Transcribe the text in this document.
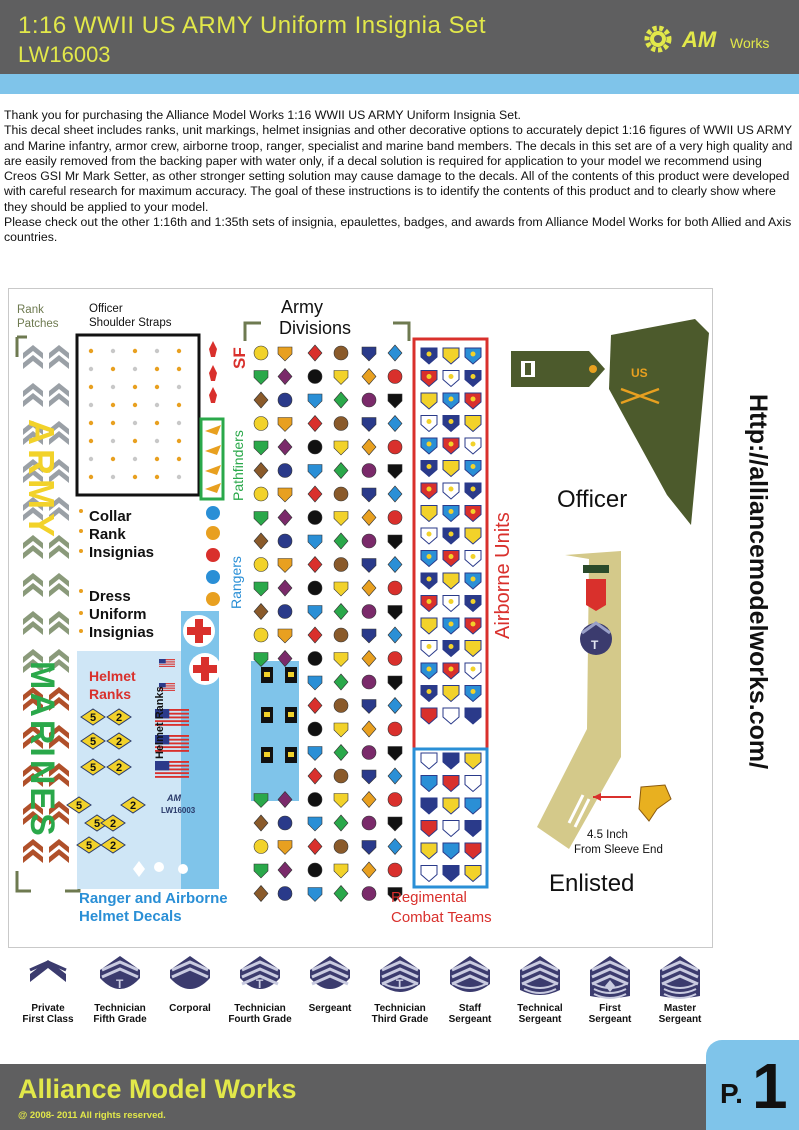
1:16 WWII US ARMY Uniform Insignia Set
LW16003
AM Works

Thank you for purchasing the Alliance Model Works 1:16 WWII US ARMY Uniform Insignia Set.

This decal sheet includes ranks, unit markings, helmet insignias and other decorative options to accurately depict 1:16 figures of WWII US ARMY and Marine infantry, armor crew, airborne troop, ranger, specialist and marine band members. The decals in this set are of a very high quality and are easily removed from the backing paper with water only, if a decal solution is required for application to your model we recommend using Creos GSI Mr Mark Setter, as other stronger setting solution may cause damage to the decals. All of the contents of this product were developed with careful research for maximum accuracy. The goal of these instructions is to identify the contents of this product and to clearly show where they should be applied to your model.

Please check out the other 1:16th and 1:35th sets of insignia, epaulettes, badges, and awards from Alliance Model Works for both Allied and Axis countries.

Rank
Patches
Officer
Shoulder Straps
ARMY
MARINES
Collar
Rank
Insignias
Dress
Uniform
Insignias
Helmet
Ranks
5 2
5 2
5 2
5	2
5 2
5 2
LW16003
AM
Ranger and Airborne
Helmet Decals
Pathfinders
SF
Rangers
Army
Divisions
Helmet Ranks
Airborne Units
Regimental
Combat Teams
US
Officer
T
4.5 Inch
From Sleeve End
Enlisted
Http://alliancemodelworks.com/
Private
First Class
T
Technician
Fifth Grade
Corporal
T
Technician
Fourth Grade
Sergeant
T
Technician
Third Grade
Staff
Sergeant
Technical
Sergeant
First
Sergeant
Master
Sergeant
Alliance Model Works
@ 2008- 2011 All rights reserved.
P. 1
